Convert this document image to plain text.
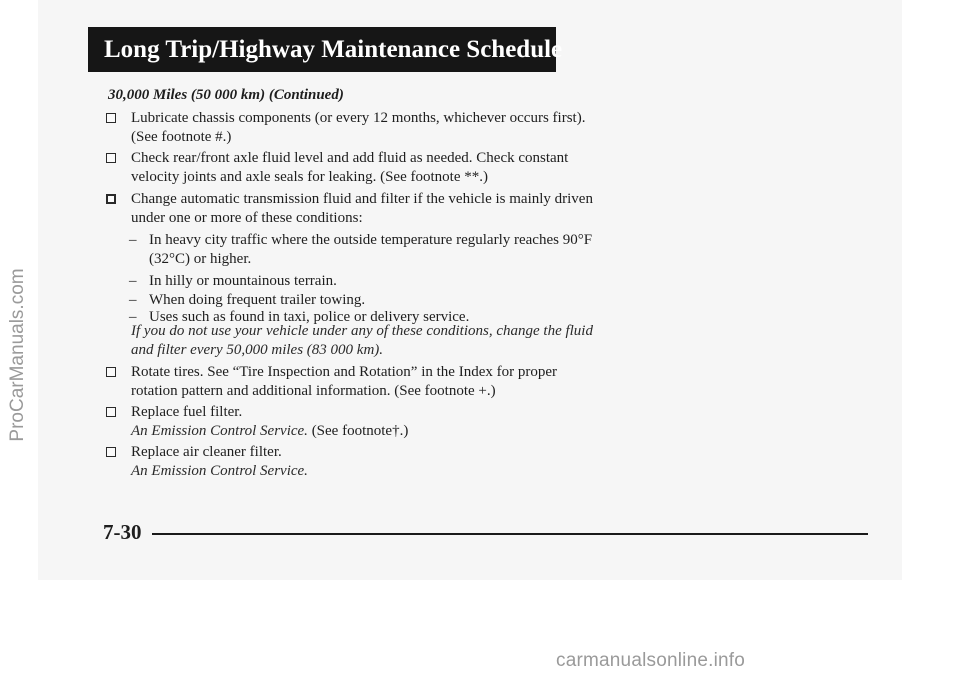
ProCarManuals.com
Long Trip/Highway Maintenance Schedule
30,000 Miles (50 000 km) (Continued)
Lubricate chassis components (or every 12 months, whichever occurs first).
(See footnote #.)
Check rear/front axle fluid level and add fluid as needed. Check constant
velocity joints and axle seals for leaking. (See footnote **.)
Change automatic transmission fluid and filter if the vehicle is mainly driven
under one or more of these conditions:
– In heavy city traffic where the outside temperature regularly reaches 90°F
(32°C) or higher.
– In hilly or mountainous terrain.
– When doing frequent trailer towing.
– Uses such as found in taxi, police or delivery service.
If you do not use your vehicle under any of these conditions, change the fluid
and filter every 50,000 miles (83 000 km).
Rotate tires. See “Tire Inspection and Rotation” in the Index for proper
rotation pattern and additional information. (See footnote +.)
Replace fuel filter.
An Emission Control Service. (See footnote†.)
Replace air cleaner filter.
An Emission Control Service.
7-30
carmanualsonline.info
